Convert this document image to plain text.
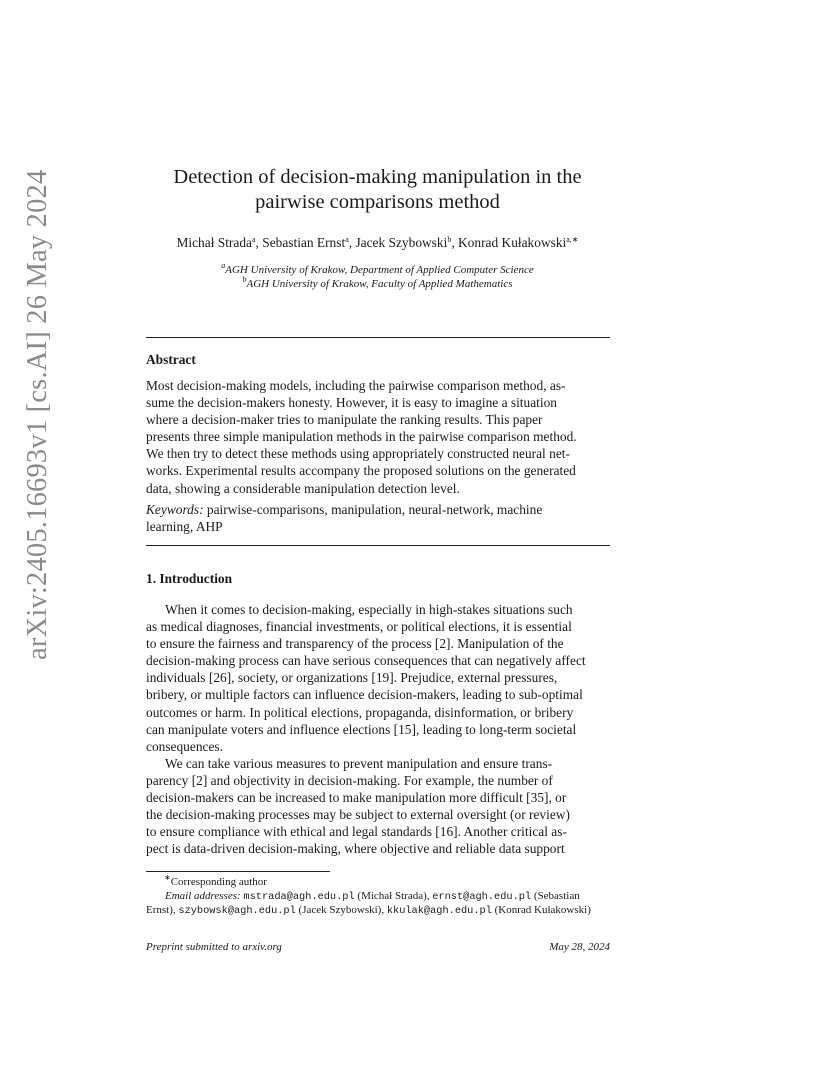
arXiv:2405.16693v1 [cs.AI] 26 May 2024	Detection of decision-making manipulation in the
pairwise comparisons method
Michał Strada$^a$, Sebastian Ernst$^a$, Jacek Szybowski$^b$, Konrad Kułakowski$^{a,∗}$
$^a$AGH University of Krakow, Department of Applied Computer Science
$^b$AGH University of Krakow, Faculty of Applied Mathematics
Abstract
Most decision-making models, including the pairwise comparison method, as-
sume the decision-makers honesty. However, it is easy to imagine a situation
where a decision-maker tries to manipulate the ranking results. This paper
presents three simple manipulation methods in the pairwise comparison method.
We then try to detect these methods using appropriately constructed neural net-
works. Experimental results accompany the proposed solutions on the generated
data, showing a considerable manipulation detection level.
Keywords: pairwise-comparisons, manipulation, neural-network, machine
learning, AHP
1. Introduction
When it comes to decision-making, especially in high-stakes situations such
as medical diagnoses, financial investments, or political elections, it is essential
to ensure the fairness and transparency of the process [2]. Manipulation of the
decision-making process can have serious consequences that can negatively affect
individuals [26], society, or organizations [19]. Prejudice, external pressures,
bribery, or multiple factors can influence decision-makers, leading to sub-optimal
outcomes or harm. In political elections, propaganda, disinformation, or bribery
can manipulate voters and influence elections [15], leading to long-term societal
consequences.
We can take various measures to prevent manipulation and ensure trans-
parency [2] and objectivity in decision-making. For example, the number of
decision-makers can be increased to make manipulation more difficult [35], or
the decision-making processes may be subject to external oversight (or review)
to ensure compliance with ethical and legal standards [16]. Another critical as-
pect is data-driven decision-making, where objective and reliable data support
∗Corresponding author
Email addresses: mstrada@agh.edu.pl (Michał Strada), ernst@agh.edu.pl (Sebastian
Ernst), szybowsk@agh.edu.pl (Jacek Szybowski), kkulak@agh.edu.pl (Konrad Kułakowski)
Preprint submitted to arxiv.org	May 28, 2024
